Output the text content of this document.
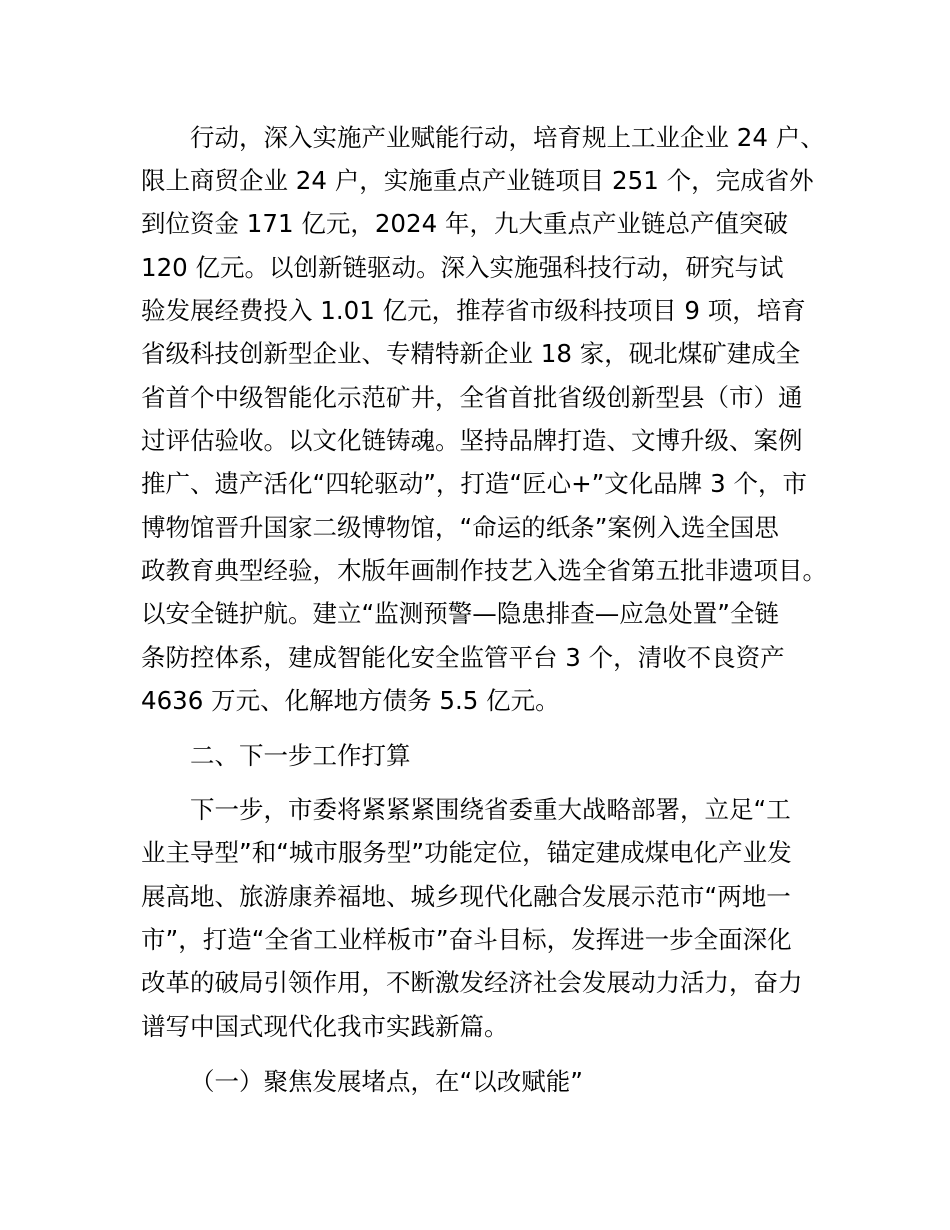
行动，深入实施产业赋能行动，培育规上工业企业 24 户、
限上商贸企业 24 户，实施重点产业链项目 251 个，完成省外
到位资金 171 亿元，2024 年，九大重点产业链总产值突破
120 亿元。以创新链驱动。深入实施强科技行动，研究与试
验发展经费投入 1.01 亿元，推荐省市级科技项目 9 项，培育
省级科技创新型企业、专精特新企业 18 家，砚北煤矿建成全
省首个中级智能化示范矿井，全省首批省级创新型县（市）通
过评估验收。以文化链铸魂。坚持品牌打造、文博升级、案例
推广、遗产活化“四轮驱动”，打造“匠心+”文化品牌 3 个，市
博物馆晋升国家二级博物馆，“命运的纸条”案例入选全国思
政教育典型经验，木版年画制作技艺入选全省第五批非遗项目。
以安全链护航。建立“监测预警—隐患排查—应急处置”全链
条防控体系，建成智能化安全监管平台 3 个，清收不良资产
4636 万元、化解地方债务 5.5 亿元。
二、下一步工作打算
下一步，市委将紧紧紧围绕省委重大战略部署，立足“工
业主导型”和“城市服务型”功能定位，锚定建成煤电化产业发
展高地、旅游康养福地、城乡现代化融合发展示范市“两地一
市”，打造“全省工业样板市”奋斗目标，发挥进一步全面深化
改革的破局引领作用，不断激发经济社会发展动力活力，奋力
谱写中国式现代化我市实践新篇。
（一）聚焦发展堵点，在“以改赋能”
